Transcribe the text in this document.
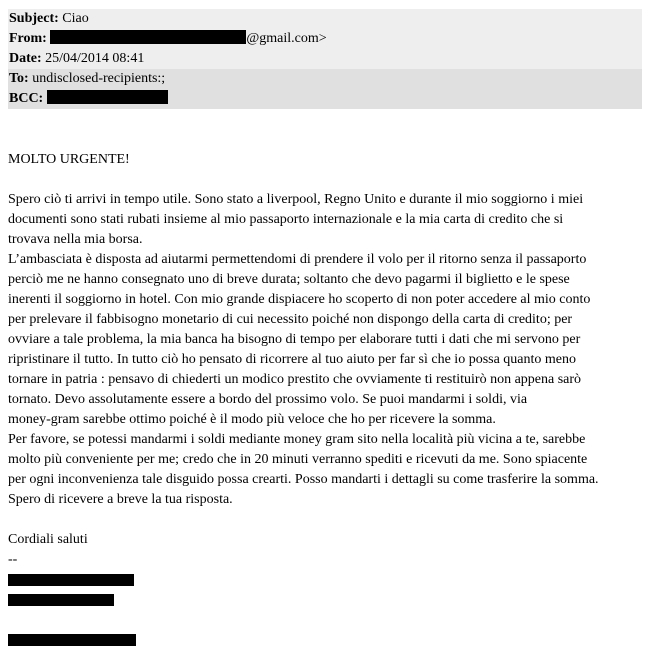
Subject: Ciao
From:	@gmail.com>
Date: 25/04/2014 08:41
To: undisclosed-recipients:;
BCC:
MOLTO URGENTE!
Spero ciò ti arrivi in tempo utile. Sono stato a liverpool, Regno Unito e durante il mio soggiorno i miei
documenti sono stati rubati insieme al mio passaporto internazionale e la mia carta di credito che si
trovava nella mia borsa.
L’ambasciata è disposta ad aiutarmi permettendomi di prendere il volo per il ritorno senza il passaporto
perciò me ne hanno consegnato uno di breve durata; soltanto che devo pagarmi il biglietto e le spese
inerenti il soggiorno in hotel. Con mio grande dispiacere ho scoperto di non poter accedere al mio conto
per prelevare il fabbisogno monetario di cui necessito poiché non dispongo della carta di credito; per
ovviare a tale problema, la mia banca ha bisogno di tempo per elaborare tutti i dati che mi servono per
ripristinare il tutto. In tutto ciò ho pensato di ricorrere al tuo aiuto per far sì che io possa quanto meno
tornare in patria : pensavo di chiederti un modico prestito che ovviamente ti restituirò non appena sarò
tornato. Devo assolutamente essere a bordo del prossimo volo. Se puoi mandarmi i soldi, via
money-gram sarebbe ottimo poiché è il modo più veloce che ho per ricevere la somma.
Per favore, se potessi mandarmi i soldi mediante money gram sito nella località più vicina a te, sarebbe
molto più conveniente per me; credo che in 20 minuti verranno spediti e ricevuti da me. Sono spiacente
per ogni inconvenienza tale disguido possa crearti. Posso mandarti i dettagli su come trasferire la somma.
Spero di ricevere a breve la tua risposta.
Cordiali saluti
--
